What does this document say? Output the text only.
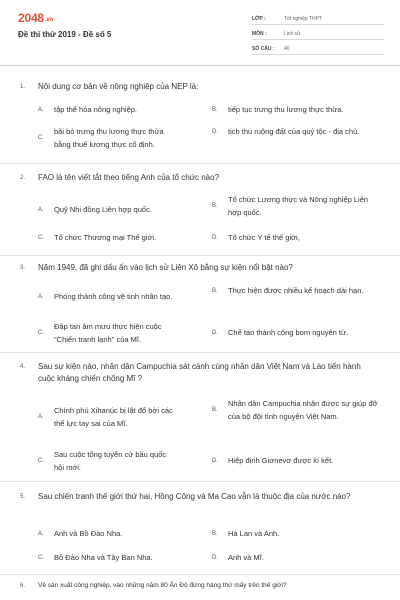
2048.vn
Đề thi thử 2019 - Đề số 5
LỚP :	Tốt nghiệp THPT
MÔN :	Lịch sử
SỐ CÂU :	40
1.	Nội dung cơ bản về nông nghiệp của NEP là:
A.	tập thể hóa nông nghiệp.	B.	tiếp tục trưng thu lương thực thừa.
C.
bãi bỏ trưng thu lương thực thừa bằng thuế lương thực cố định.
D.	tịch thu ruộng đất của quý tộc - địa chủ.
2.	FAO là tên viết tắt theo tiếng Anh của tổ chức nào?
A.	Quỹ Nhi đồng Liên hợp quốc.	B.
Tổ chức Lương thực và Nông nghiệp Liên hợp quốc.
C.	Tổ chức Thương mại Thế giới.	D.	Tổ chức Y tế thế giới,
3.	Năm 1949, đã ghi dấu ấn vào lịch sử Liên Xô bằng sự kiện nổi bật nào?
A.	Phóng thành công vệ tinh nhân tạo.
B.	Thực hiện được nhiều kế hoạch dài hạn.
C.
Đập tan âm mưu thực hiện cuộc "Chiến tranh lạnh" của Mĩ.
D.	Chế tạo thành công bom nguyên tử.
4.	Sau sự kiện nào, nhân dân Campuchia sát cánh cùng nhân dân Việt Nam và Lào tiến hành cuộc kháng chiến chống Mĩ ?
A.
Chính phủ Xihanúc bị lật đổ bởi các thế lực tay sai của Mĩ.
B.
Nhân dân Campuchia nhận được sự giúp đỡ của bộ đội tình nguyện Việt Nam.
C.
Sau cuộc tổng tuyển cử bầu quốc hội mới.
D.	Hiệp định Giơnevơ được kí kết.
5.	Sau chiến tranh thế giới thứ hai, Hồng Công và Ma Cao vẫn là thuộc địa của nước nào?
A.	Anh và Bồ Đào Nha.	B.	Hà Lan và Anh.
C.	Bồ Đào Nha và Tây Ban Nha.	D.	Anh và Mĩ.
6.	Về sản xuất công nghiệp, vào những năm 80 Ấn Độ đứng hàng thứ mấy trên thế giới?
